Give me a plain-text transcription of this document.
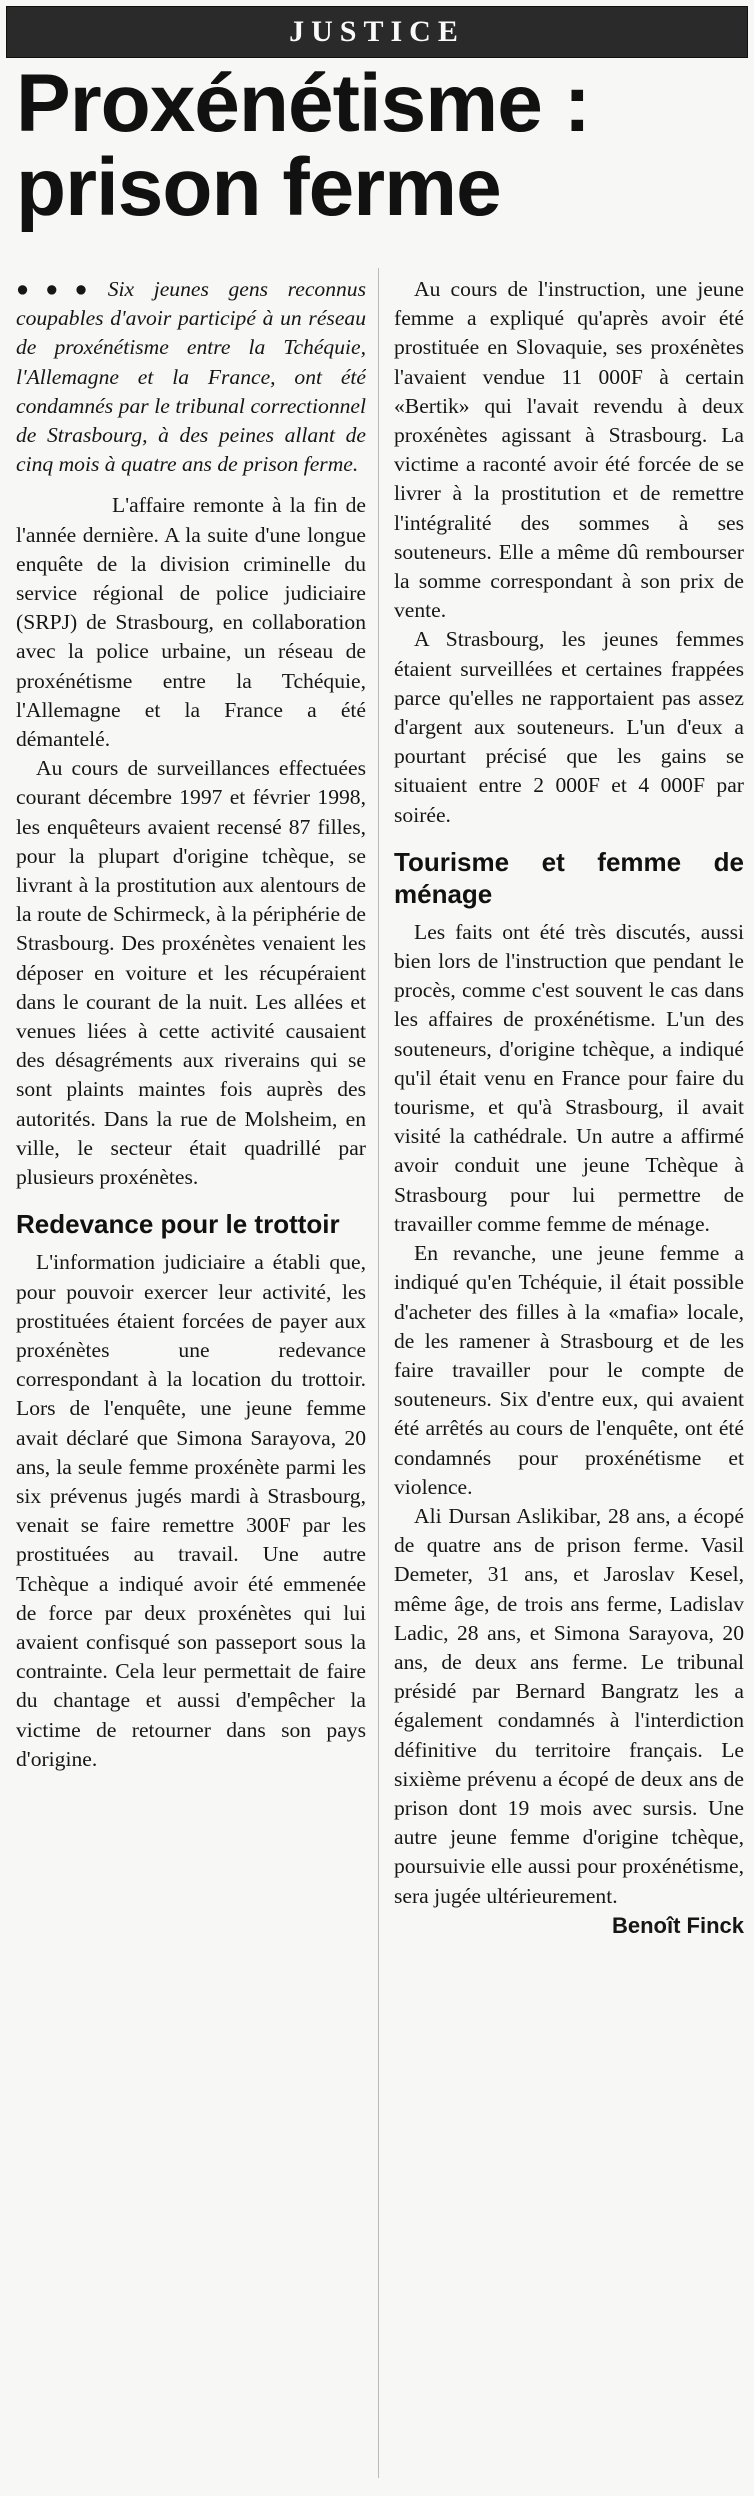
JUSTICE
Proxénétisme : prison ferme

●●● Six jeunes gens reconnus coupables d'avoir participé à un réseau de proxénétisme entre la Tchéquie, l'Allemagne et la France, ont été condamnés par le tribunal correctionnel de Strasbourg, à des peines allant de cinq mois à quatre ans de prison ferme.

L'affaire remonte à la fin de l'année dernière. A la suite d'une longue enquête de la division criminelle du service régional de police judiciaire (SRPJ) de Strasbourg, en collaboration avec la police urbaine, un réseau de proxénétisme entre la Tchéquie, l'Allemagne et la France a été démantelé.

Au cours de surveillances effectuées courant décembre 1997 et février 1998, les enquêteurs avaient recensé 87 filles, pour la plupart d'origine tchèque, se livrant à la prostitution aux alentours de la route de Schirmeck, à la périphérie de Strasbourg. Des proxénètes venaient les déposer en voiture et les récupéraient dans le courant de la nuit. Les allées et venues liées à cette activité causaient des désagréments aux riverains qui se sont plaints maintes fois auprès des autorités. Dans la rue de Molsheim, en ville, le secteur était quadrillé par plusieurs proxénètes.

Redevance pour le trottoir

L'information judiciaire a établi que, pour pouvoir exercer leur activité, les prostituées étaient forcées de payer aux proxénètes une redevance correspondant à la location du trottoir. Lors de l'enquête, une jeune femme avait déclaré que Simona Sarayova, 20 ans, la seule femme proxénète parmi les six prévenus jugés mardi à Strasbourg, venait se faire remettre 300F par les prostituées au travail. Une autre Tchèque a indiqué avoir été emmenée de force par deux proxénètes qui lui avaient confisqué son passeport sous la contrainte. Cela leur permettait de faire du chantage et aussi d'empêcher la victime de retourner dans son pays d'origine.

Au cours de l'instruction, une jeune femme a expliqué qu'après avoir été prostituée en Slovaquie, ses proxénètes l'avaient vendue 11 000F à certain «Bertik» qui l'avait revendu à deux proxénètes agissant à Strasbourg. La victime a raconté avoir été forcée de se livrer à la prostitution et de remettre l'intégralité des sommes à ses souteneurs. Elle a même dû rembourser la somme correspondant à son prix de vente.

A Strasbourg, les jeunes femmes étaient surveillées et certaines frappées parce qu'elles ne rapportaient pas assez d'argent aux souteneurs. L'un d'eux a pourtant précisé que les gains se situaient entre 2 000F et 4 000F par soirée.

Tourisme et femme de ménage

Les faits ont été très discutés, aussi bien lors de l'instruction que pendant le procès, comme c'est souvent le cas dans les affaires de proxénétisme. L'un des souteneurs, d'origine tchèque, a indiqué qu'il était venu en France pour faire du tourisme, et qu'à Strasbourg, il avait visité la cathédrale. Un autre a affirmé avoir conduit une jeune Tchèque à Strasbourg pour lui permettre de travailler comme femme de ménage.

En revanche, une jeune femme a indiqué qu'en Tchéquie, il était possible d'acheter des filles à la «mafia» locale, de les ramener à Strasbourg et de les faire travailler pour le compte de souteneurs. Six d'entre eux, qui avaient été arrêtés au cours de l'enquête, ont été condamnés pour proxénétisme et violence.

Ali Dursan Aslikibar, 28 ans, a écopé de quatre ans de prison ferme. Vasil Demeter, 31 ans, et Jaroslav Kesel, même âge, de trois ans ferme, Ladislav Ladic, 28 ans, et Simona Sarayova, 20 ans, de deux ans ferme. Le tribunal présidé par Bernard Bangratz les a également condamnés à l'interdiction définitive du territoire français. Le sixième prévenu a écopé de deux ans de prison dont 19 mois avec sursis. Une autre jeune femme d'origine tchèque, poursuivie elle aussi pour proxénétisme, sera jugée ultérieurement.

Benoît Finck
